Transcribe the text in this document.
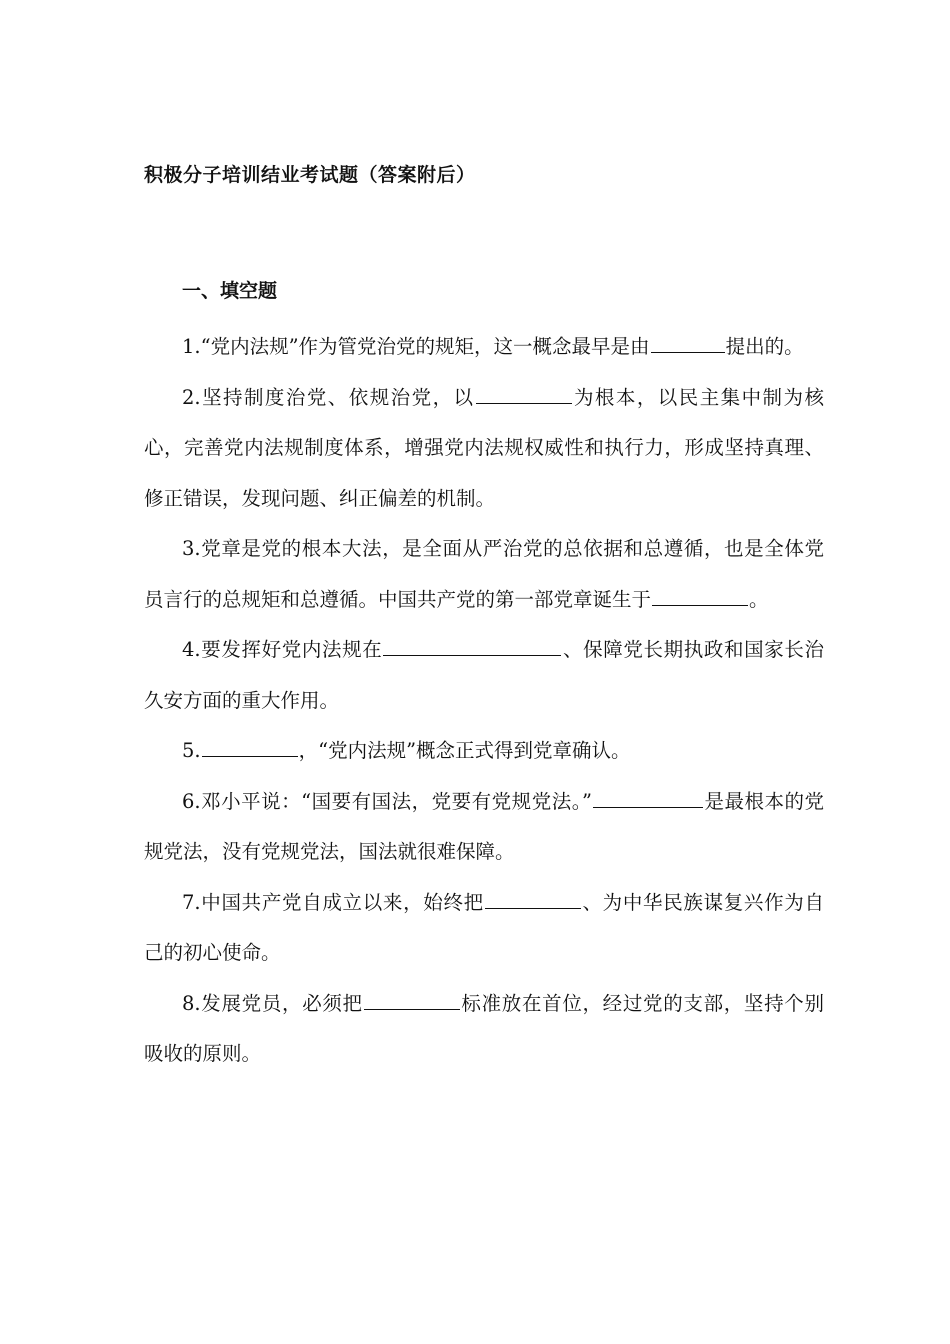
积极分子培训结业考试题（答案附后）
一、填空题

1.“党内法规”作为管党治党的规矩，这一概念最早是由	提出的。

2.坚持制度治党、依规治党，以	为根本，以民主集中制为核心，完善党内法规制度体系，增强党内法规权威性和执行力，形成坚持真理、修正错误，发现问题、纠正偏差的机制。

3.党章是党的根本大法，是全面从严治党的总依据和总遵循，也是全体党员言行的总规矩和总遵循。中国共产党的第一部党章诞生于	。

4.要发挥好党内法规在	、保障党长期执政和国家长治久安方面的重大作用。

5.	，“党内法规”概念正式得到党章确认。

6.邓小平说：“国要有国法，党要有党规党法。”	是最根本的党规党法，没有党规党法，国法就很难保障。

7.中国共产党自成立以来，始终把	、为中华民族谋复兴作为自己的初心使命。

8.发展党员，必须把	标准放在首位，经过党的支部，坚持个别吸收的原则。
